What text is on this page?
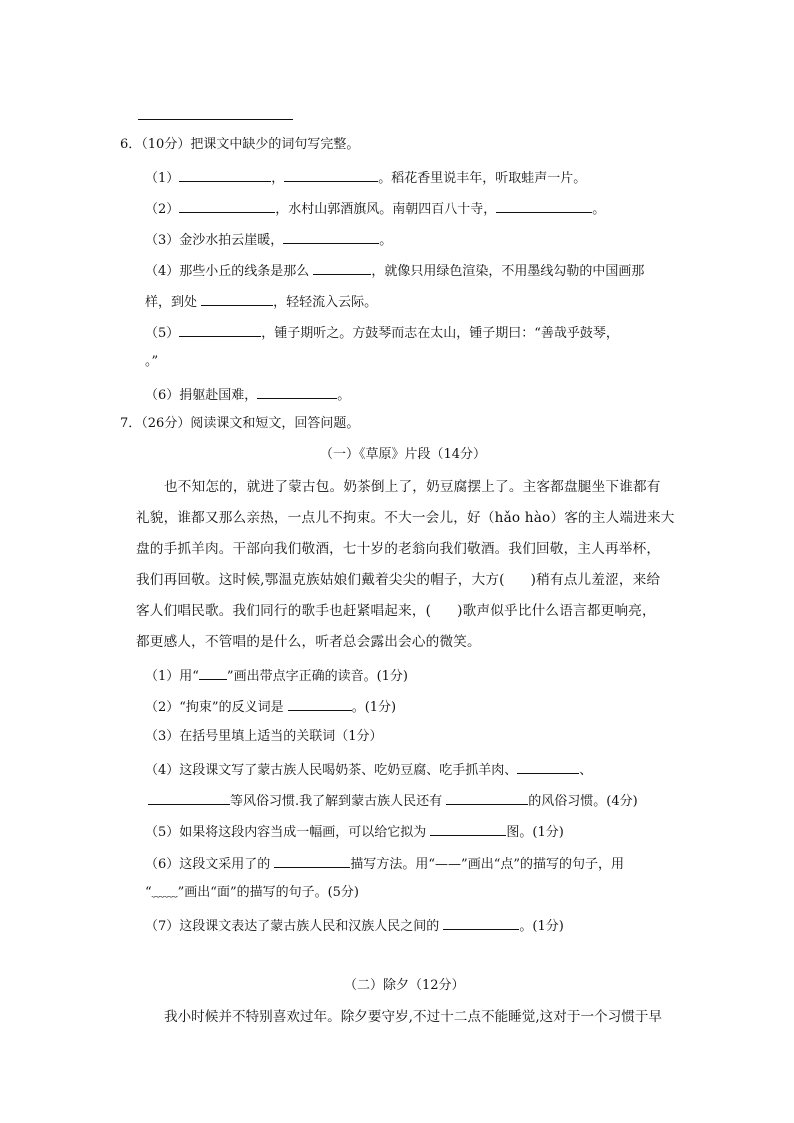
6．（10分）把课文中缺少的词句写完整。
（1）	，	。稻花香里说丰年，听取蛙声一片。
（2）	，水村山郭酒旗风。南朝四百八十寺，	。
（3）金沙水拍云崖暖，	。
（4）那些小丘的线条是那么	，就像只用绿色渲染，不用墨线勾勒的中国画那
样，到处	，轻轻流入云际。
（5）	，锺子期听之。方鼓琴而志在太山，锺子期曰：“善哉乎鼓琴，
。”
（6）捐躯赴国难，	。
7．（26分）阅读课文和短文，回答问题。
（一）《草原》片段（14分）
也不知怎的，就进了蒙古包。奶茶倒上了，奶豆腐摆上了。主客都盘腿坐下谁都有
礼貌，谁都又那么亲热，一点儿不拘束。不大一会儿，好（hǎo hào）客的主人端进来大
盘的手抓羊肉。干部向我们敬酒，七十岁的老翁向我们敬酒。我们回敬，主人再举杯，
我们再回敬。这时候,鄂温克族姑娘们戴着尖尖的帽子，大方( )稍有点儿羞涩，来给
客人们唱民歌。我们同行的歌手也赶紧唱起来，( )歌声似乎比什么语言都更响亮，
都更感人，不管唱的是什么，听者总会露出会心的微笑。
（1）用“ ”画出带点字正确的读音。(1分)
（2）“拘束”的反义词是	。(1分)
（3）在括号里填上适当的关联词（1分）
（4）这段课文写了蒙古族人民喝奶茶、吃奶豆腐、吃手抓羊肉、	、
等风俗习惯.我了解到蒙古族人民还有	的风俗习惯。(4分)
（5）如果将这段内容当成一幅画，可以给它拟为	图。(1分)
（6）这段文采用了的	描写方法。用“——”画出“点”的描写的句子，用
“﹏﹏”画出“面”的描写的句子。(5分)
（7）这段课文表达了蒙古族人民和汉族人民之间的	。(1分)
（二）除夕（12分）
我小时候并不特别喜欢过年。除夕要守岁,不过十二点不能睡觉,这对于一个习惯于早
